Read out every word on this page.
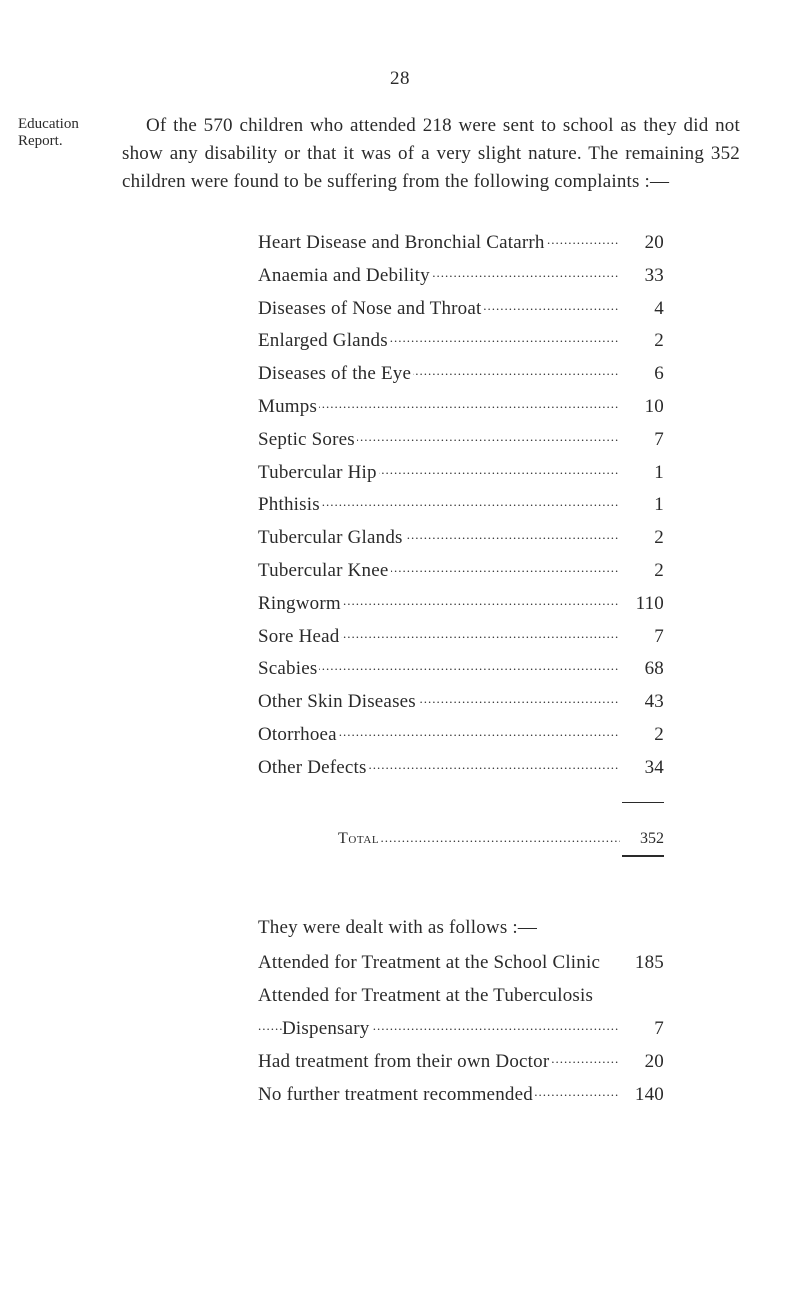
28
Education
Report.
Of the 570 children who attended 218 were sent to school as they did not show any disability or that it was of a very slight nature. The remaining 352 children were found to be suffering from the following complaints :—
Heart Disease and Bronchial Catarrh .....	20
Anaemia and Debility .....	33
Diseases of Nose and Throat .....	4
Enlarged Glands .....	2
Diseases of the Eye .....	6
Mumps .....	10
Septic Sores .....	7
Tubercular Hip .....	1
Phthisis .....	1
Tubercular Glands .....	2
Tubercular Knee .....	2
Ringworm .....	110
Sore Head .....	7
Scabies .....	68
Other Skin Diseases .....	43
Otorrhoea .....	2
Other Defects .....	34
Total .....	352
They were dealt with as follows :—
Attended for Treatment at the School Clinic	185
Attended for Treatment at the Tuberculosis
Dispensary .....	7
Had treatment from their own Doctor .....	20
No further treatment recommended .....	140
